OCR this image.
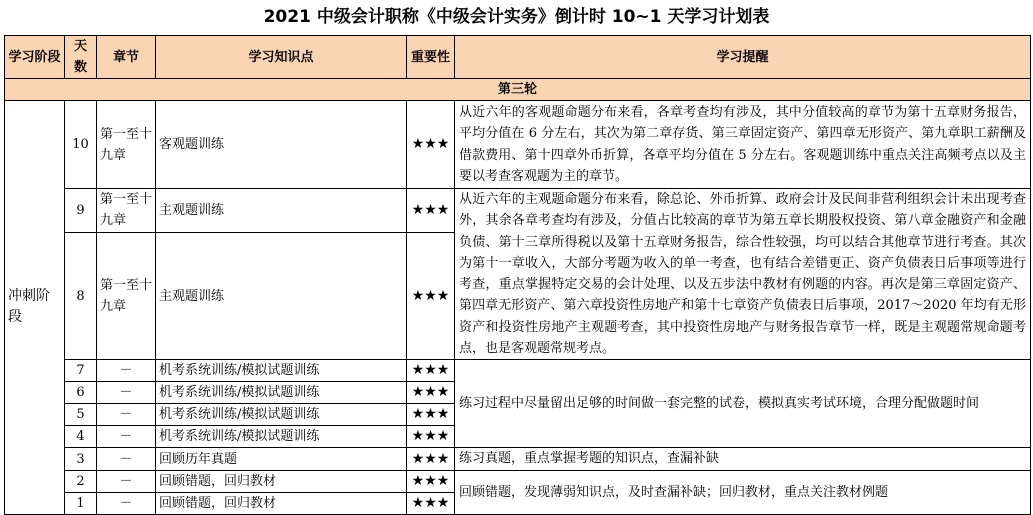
2021 中级会计职称《中级会计实务》倒计时 10~1 天学习计划表
学习阶段	天数	章节	学习知识点	重要性	学习提醒
第三轮					
冲刺阶段	10	第一至十九章	客观题训练	★★★	从近六年的客观题命题分布来看，各章考查均有涉及，其中分值较高的章节为第十五章财务报告，平均分值在 6 分左右，其次为第二章存货、第三章固定资产、第四章无形资产、第九章职工薪酬及借款费用、第十四章外币折算，各章平均分值在 5 分左右。客观题训练中重点关注高频考点以及主要以考查客观题为主的章节。
	9	第一至十九章	主观题训练	★★★	从近六年的主观题命题分布来看，除总论、外币折算、政府会计及民间非营利组织会计未出现考查外，其余各章考查均有涉及，分值占比较高的章节为第五章长期股权投资、第八章金融资产和金融负债、第十三章所得税以及第十五章财务报告，综合性较强，均可以结合其他章节进行考查。其次为第十一章收入，大部分考题为收入的单一考查，也有结合差错更正、资产负债表日后事项等进行考查，重点掌握特定交易的会计处理、以及五步法中教材有例题的内容。再次是第三章固定资产、第四章无形资产、第六章投资性房地产和第十七章资产负债表日后事项，2017～2020 年均有无形资产和投资性房地产主观题考查，其中投资性房地产与财务报告章节一样，既是主观题常规命题考点，也是客观题常规考点。
	8	第一至十九章	主观题训练	★★★	
	7	－	机考系统训练/模拟试题训练	★★★	练习过程中尽量留出足够的时间做一套完整的试卷，模拟真实考试环境，合理分配做题时间
	6	－	机考系统训练/模拟试题训练	★★★	
	5	－	机考系统训练/模拟试题训练	★★★	
	4	－	机考系统训练/模拟试题训练	★★★	
	3	－	回顾历年真题	★★★	练习真题，重点掌握考题的知识点，查漏补缺
	2	－	回顾错题，回归教材	★★★	回顾错题，发现薄弱知识点，及时查漏补缺；回归教材，重点关注教材例题
	1	－	回顾错题，回归教材	★★★	
